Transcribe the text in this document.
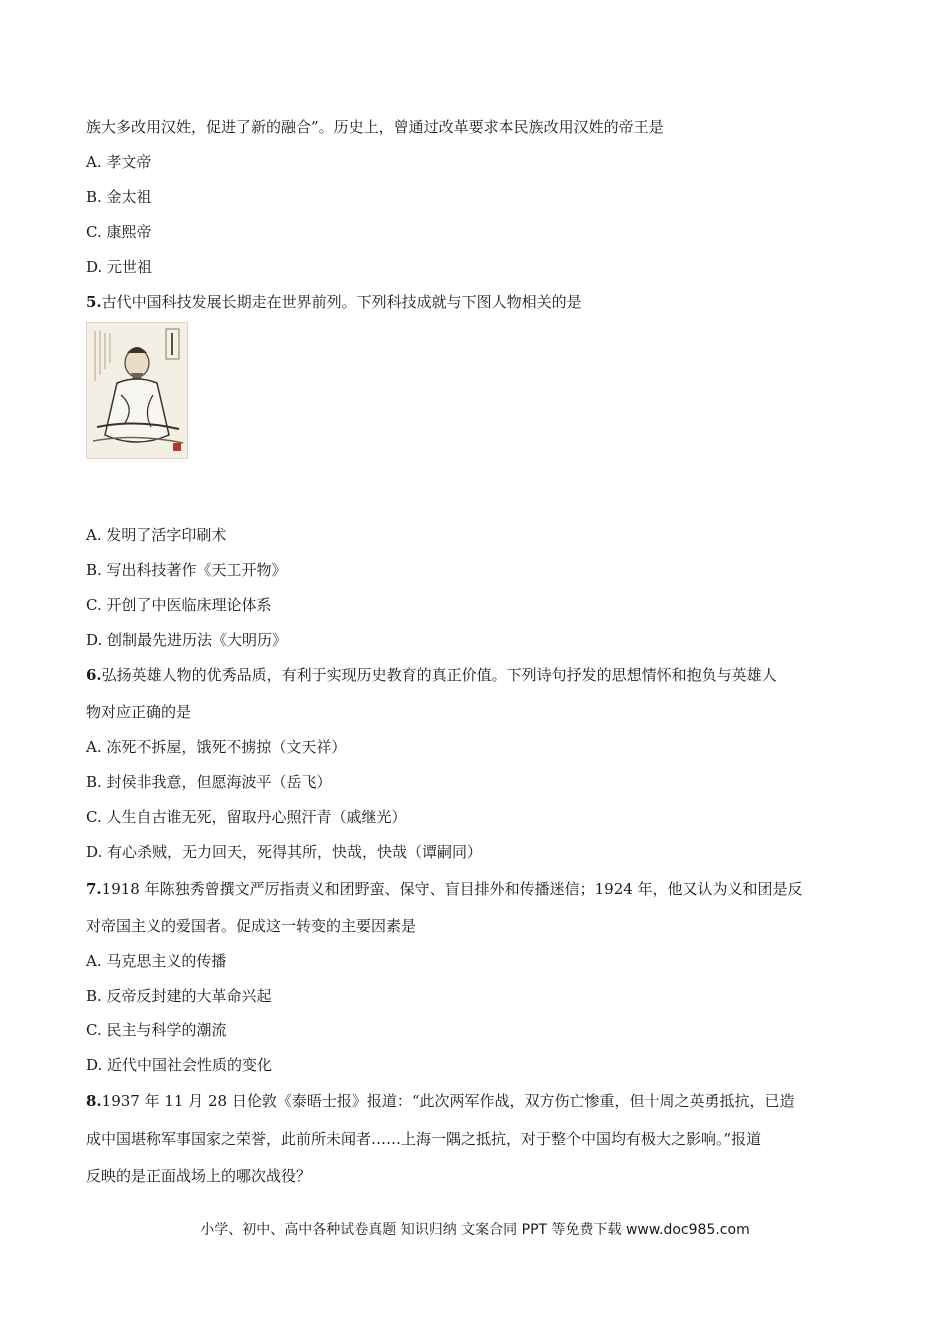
族大多改用汉姓，促进了新的融合”。历史上，曾通过改革要求本民族改用汉姓的帝王是

A. 孝文帝

B. 金太祖

C. 康熙帝

D. 元世祖

5.古代中国科技发展长期走在世界前列。下列科技成就与下图人物相关的是

A. 发明了活字印刷术

B. 写出科技著作《天工开物》

C. 开创了中医临床理论体系

D. 创制最先进历法《大明历》

6.弘扬英雄人物的优秀品质，有利于实现历史教育的真正价值。下列诗句抒发的思想情怀和抱负与英雄人

物对应正确的是

A. 冻死不拆屋，饿死不掳掠（文天祥）

B. 封侯非我意，但愿海波平（岳飞）

C. 人生自古谁无死，留取丹心照汗青（戚继光）

D. 有心杀贼，无力回天，死得其所，快哉，快哉（谭嗣同）

7.1918 年陈独秀曾撰文严厉指责义和团野蛮、保守、盲目排外和传播迷信；1924 年，他又认为义和团是反

对帝国主义的爱国者。促成这一转变的主要因素是

A. 马克思主义的传播

B. 反帝反封建的大革命兴起

C. 民主与科学的潮流

D. 近代中国社会性质的变化

8.1937 年 11 月 28 日伦敦《泰晤士报》报道：“此次两军作战，双方伤亡惨重，但十周之英勇抵抗，已造

成中国堪称军事国家之荣誉，此前所未闻者……上海一隅之抵抗，对于整个中国均有极大之影响。”报道

反映的是正面战场上的哪次战役？

小学、初中、高中各种试卷真题 知识归纳 文案合同 PPT 等免费下载 www.doc985.com
